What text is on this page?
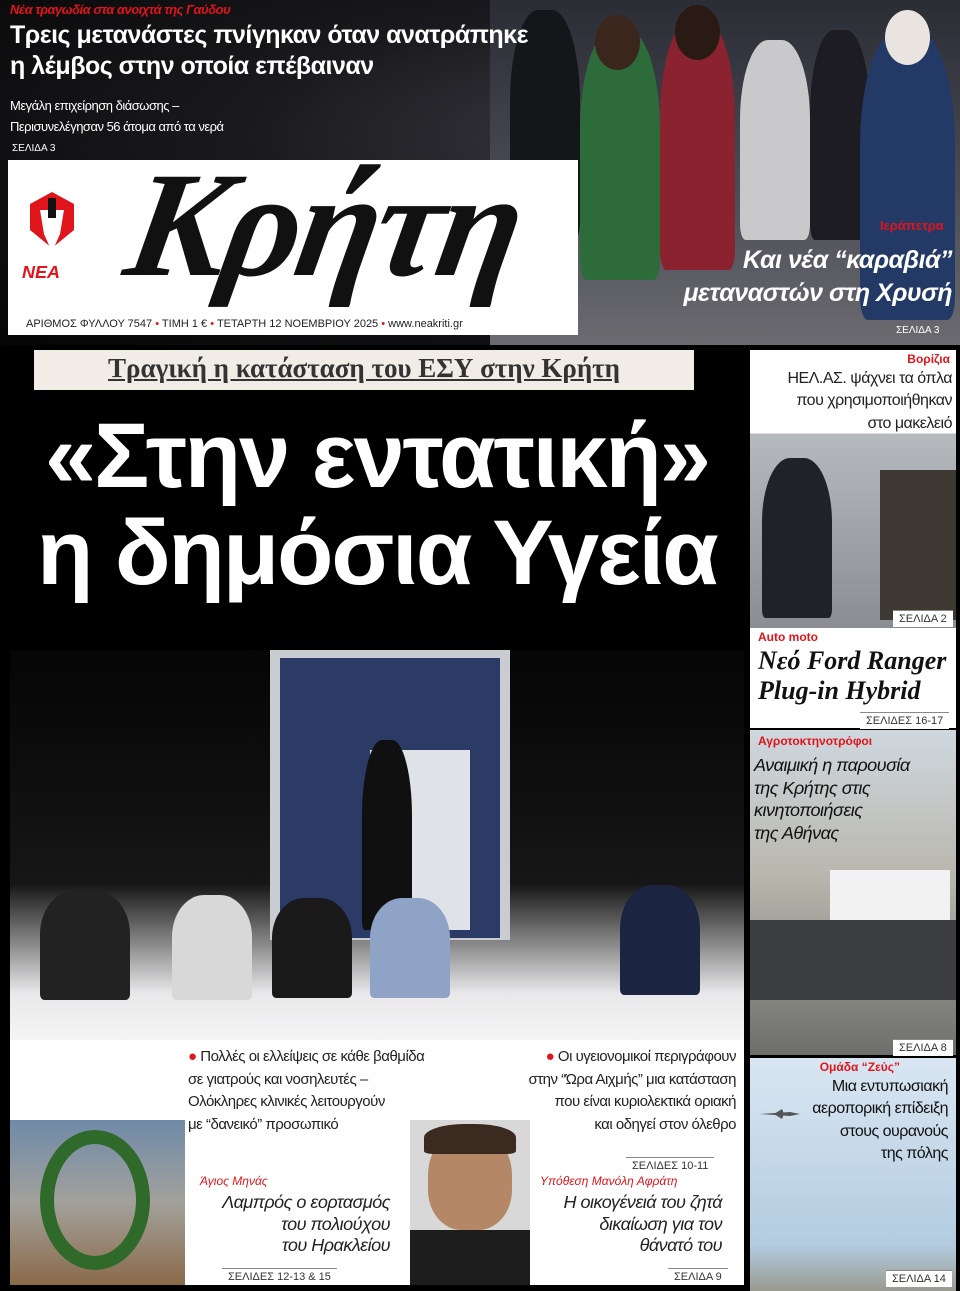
Νέα τραγωδία στα ανοιχτά της Γαύδου
Τρεις μετανάστες πνίγηκαν όταν ανατράπηκε
η λέμβος στην οποία επέβαιναν
Μεγάλη επιχείρηση διάσωσης –
Περισυνελέγησαν 56 άτομα από τα νερά
ΣΕΛΙΔΑ 3
ΝΕΑ Κρήτη
ΑΡΙΘΜΟΣ ΦΥΛΛΟΥ 7547 • ΤΙΜΗ 1 € • ΤΕΤΑΡΤΗ 12 ΝΟΕΜΒΡΙΟΥ 2025 • www.neakriti.gr
Ιεράπετρα
Και νέα “καραβιά”
μεταναστών στη Χρυσή
ΣΕΛΙΔΑ 3
Τραγική η κατάσταση του ΕΣΥ στην Κρήτη
«Στην εντατική»
η δημόσια Υγεία
● Πολλές οι ελλείψεις σε κάθε βαθμίδα
σε γιατρούς και νοσηλευτές –
Ολόκληρες κλινικές λειτουργούν
με “δανεικό” προσωπικό
● Οι υγειονομικοί περιγράφουν
στην “Ώρα Αιχμής” μια κατάσταση
που είναι κυριολεκτικά οριακή
και οδηγεί στον όλεθρο
ΣΕΛΙΔΕΣ 10-11
Άγιος Μηνάς
Λαμπρός ο εορτασμός
του πολιούχου
του Ηρακλείου
ΣΕΛΙΔΕΣ 12-13 & 15
Υπόθεση Μανόλη Αφράτη
Η οικογένειά του ζητά
δικαίωση για τον
θάνατό του
ΣΕΛΙΔΑ 9
Βορίζια
ΗΕΛ.ΑΣ. ψάχνει τα όπλα
που χρησιμοποιήθηκαν
στο μακελειό
ΣΕΛΙΔΑ 2
Auto moto
Νεό Ford Ranger
Plug-in Hybrid
ΣΕΛΙΔΕΣ 16-17
Αγροτοκτηνοτρόφοι
Αναιμική η παρουσία
της Κρήτης στις
κινητοποιήσεις
της Αθήνας
ΣΕΛΙΔΑ 8
Ομάδα “Ζεύς”
Μια εντυπωσιακή
αεροπορική επίδειξη
στους ουρανούς
της πόλης
ΣΕΛΙΔΑ 14
